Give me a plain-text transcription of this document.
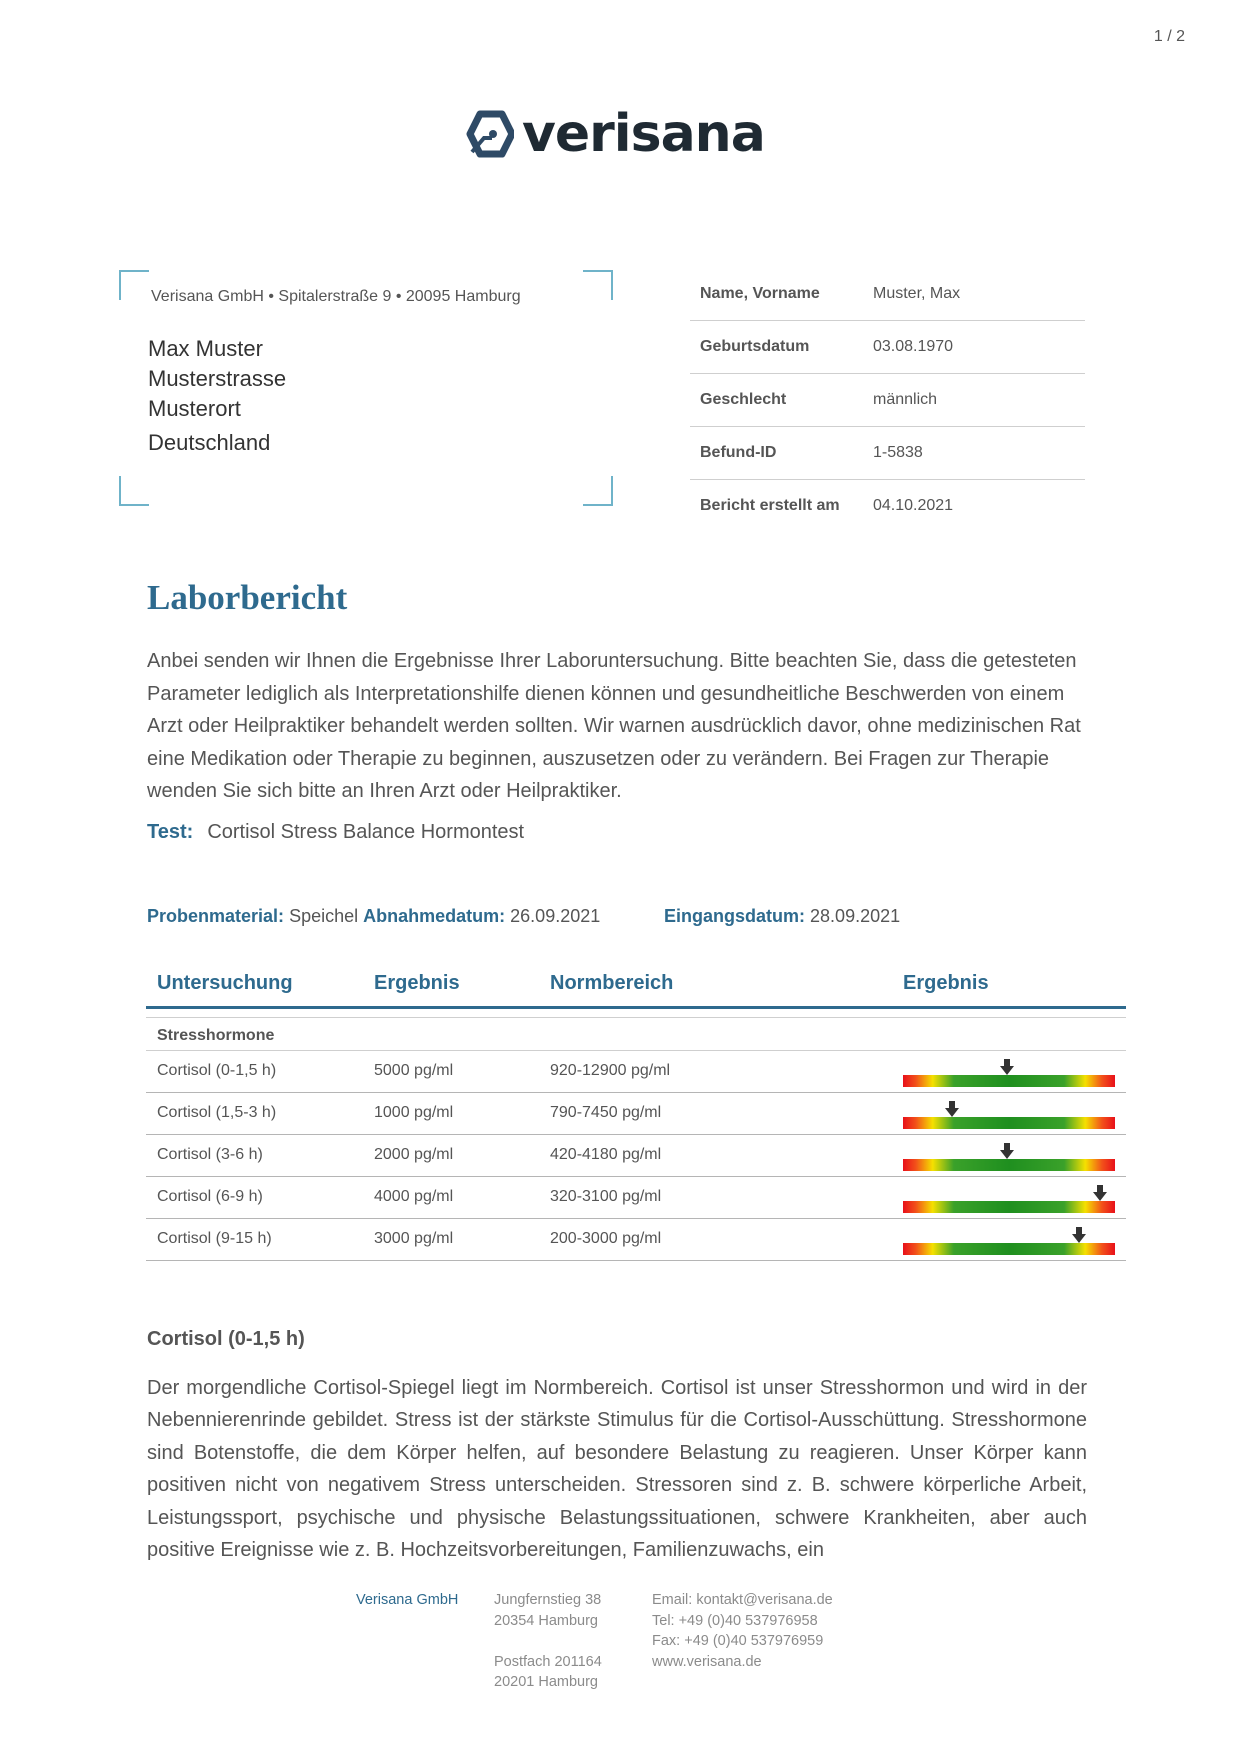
1 / 2
verisana
Verisana GmbH • Spitalerstraße 9 • 20095 Hamburg
Max Muster
Musterstrasse
Musterort
Deutschland
Name, Vorname	Muster, Max
Geburtsdatum	03.08.1970
Geschlecht	männlich
Befund-ID	1-5838
Bericht erstellt am	04.10.2021
Laborbericht
Anbei senden wir Ihnen die Ergebnisse Ihrer Laboruntersuchung. Bitte beachten Sie, dass die getesteten Parameter lediglich als Interpretationshilfe dienen können und gesundheitliche Beschwerden von einem Arzt oder Heilpraktiker behandelt werden sollten. Wir warnen ausdrücklich davor, ohne medizinischen Rat eine Medikation oder Therapie zu beginnen, auszusetzen oder zu verändern. Bei Fragen zur Therapie wenden Sie sich bitte an Ihren Arzt oder Heilpraktiker.
Test: Cortisol Stress Balance Hormontest
Probenmaterial: Speichel Abnahmedatum: 26.09.2021	Eingangsdatum: 28.09.2021
Untersuchung	Ergebnis	Normbereich	Ergebnis
Stresshormone
Cortisol (0-1,5 h)	5000 pg/ml	920-12900 pg/ml
Cortisol (1,5-3 h)	1000 pg/ml	790-7450 pg/ml
Cortisol (3-6 h)	2000 pg/ml	420-4180 pg/ml
Cortisol (6-9 h)	4000 pg/ml	320-3100 pg/ml
Cortisol (9-15 h)	3000 pg/ml	200-3000 pg/ml
Cortisol (0-1,5 h)
Der morgendliche Cortisol-Spiegel liegt im Normbereich. Cortisol ist unser Stresshormon und wird in der Nebennierenrinde gebildet. Stress ist der stärkste Stimulus für die Cortisol-Ausschüttung. Stresshormone sind Botenstoffe, die dem Körper helfen, auf besondere Belastung zu reagieren. Unser Körper kann positiven nicht von negativem Stress unterscheiden. Stressoren sind z. B. schwere körperliche Arbeit, Leistungssport, psychische und physische Belastungssituationen, schwere Krankheiten, aber auch positive Ereignisse wie z. B. Hochzeitsvorbereitungen, Familienzuwachs, ein
Verisana GmbH Jungfernstieg 38
20354 Hamburg

Postfach 201164
20201 Hamburg
Email: kontakt@verisana.de
Tel: +49 (0)40 537976958
Fax: +49 (0)40 537976959
www.verisana.de
